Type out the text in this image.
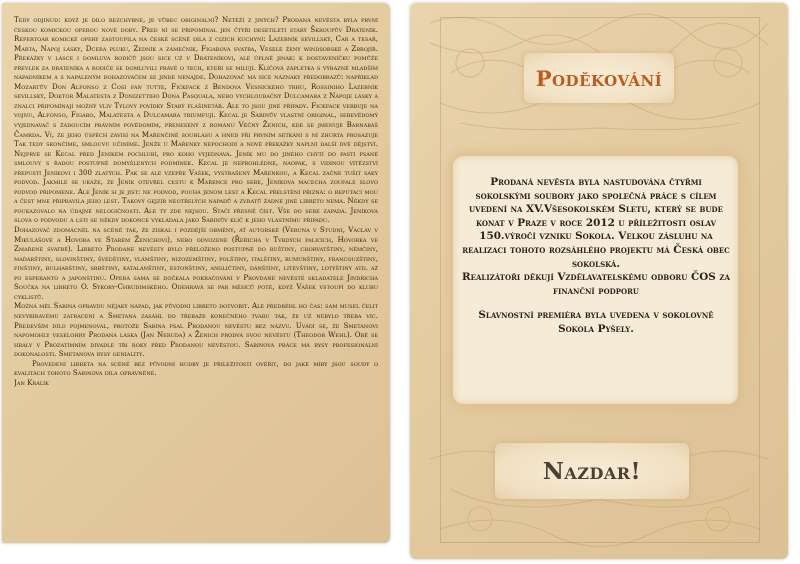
Tedy odjinud: když je dílo bezchybné, je vůbec originální? Netěží z jiných? Prodaná nevěsta byla první českou komickou operou nové doby. Před ní se připomínal jen čtyři desetiletí starý Škroupův Dráteník. Repertoár komické opery zastoupila na české scéně díla z cizích kuchyní: Lazebník sevillský, Car a tesař, Marta, Nápoj lásky, Dcera pluku, Zedník a zámečník, Figarova svatba, Veselé ženy windsorské a Zbrojíř. Překážky v lásce i domluva rodičů jsou sice už v Dráteníkovi, ale úplně jinak: k dostaveníčku pomůže převlek za dráteníka a rodiče se domluvili právě o tech, kteří se milují. Klíčová zápletka s výrazně mladším nápadníkem a s napáleným dohazovačem se jinde nenajde. Dohazovač má sice náznaky předobrazů: například Mozartův Don Alfonso z Così fan tutte, Fickfack z Bendova Vesnického trhu, Rossiniho Lazebník sevillský, Doktor Malatesta z Donizettiho Dona Pasquala, nebo vychloubačný Dulcamara z Nápoje lásky a znalci připomínají možný vliv Tylovy povídky Starý flašinetář. Ale to jsou jiné případy. Fickfack verbuje na vojnu, Alfonso, Figaro, Malatesta a Dulcamara triumfují. Kecal je Sabinův vlastní originál, sebevědomý vyjednavač s žádoucím právním povědomím, přenesený z románu Věčný Ženich, kde se jmenuje Barnabáš Čamrda. Ví, že jeho úspěch závisí na Mařenčině souhlasu a hned při prvním setkání s ní zhurta prosazuje Tak tedy skončíme, smlouvu učiníme. Jenže u Mařenky nepochodí a nové překážky naplní další dvě dějství. Nejprve se Kecal před Jeníkem pochlubí, pro koho vyjednává. Jeník mu do jiného chytí do pasti psané smlouvy s řadou postupně domyšlených podmínek. Kecal je neprohlédne, naopak, s vidinou vítězství přepustí Jeníkovi i 300 zlatých. Pak se ale vzepře Vašek, vystrašený Mařenkou, a Kecal začne tušit sáky podvod. Jakmile se ukáže, že Jeník otevřel cestu k Mařence pro sebe, Jeníkova macecha zoufale slovo podvod připomene. Ale Jeník si je jist: ne podvod, pouhá jenom lest a Kecal přelstění přizná: o reputaci mou a čest mne připravila jeho lest. Takový gejzír neotřelých nápadů a zvratů žádné jiné libreto nemá. Někdy se poukazovalo na údajné nelogičnosti. Ale ty zde nejsou. Stačí přesně číst. Vše do sebe zapadá. Jeníkova slova o podvodu a lsti se někdy dokonce vykládala jako Sabinův klíč k jeho vlastnímu případu.

Dohazovač zdomácněl na scéně tak, že získal i pozdější obměny, ať autorské (Veruna v Studni, Václav v Mikulášově a Hovora ve Starém Ženichovi), nebo odvozené (Řeřicha v Tvrdých palicích, Hovorka ve Zmařené svatbě). Libreto Prodané nevěsty bylo přeloženo postupně do ruštiny, chorvatštiny, němčiny, maďarštiny, slovinštiny, švédštiny, vlámštiny, nizozemštiny, polštiny, italštiny, rumunštiny, francouzštiny, finštiny, bulharštiny, srbštiny, katalánštiny, estonštiny, angličtiny, dánštiny, litevštiny, lotyštiny atd. až po esperanto a japonštinu. Opera sama se dočkala pokračování v Provdané nevěstě skladatele Jindřicha Součka na libreto O. Sýkory-Chrudimského. Odehrává se pár měsíců poté, když Vašek vstoupí do klubu cyklistů.

Možná měl Sabina opravdu nějaký nápad, jak původní libreto dotvořit. Ale předběhl ho čas: sám musel čelit nevybíravému zatracení a Smetana zasáhl do třebaže konečného tvaru tak, že už nebylo třeba víc. Především dílo pojmenoval, protože Sabina psal Prodanou nevěstu bez názvu. Uvádí se, že Smetanovi napomohly veselohry Prodaná láska (Jan Neruda) a Ženich prodvá svou nevěstu (Theodor Wehl). Obě se hrály v Prozatímním divadle tři roky před Prodanou nevěstou. Sabinova práce má rysy profesionální dokonalosti. Smetanova rysy geniality.

Provedení libreta na scéně bez původní hudby je příležitostí ověřit, do jaké míry jsou soudy o kvalitách tohoto Sabinova díla oprávněné.

Jan Králík

Poděkování

Prodaná nevěsta byla nastudována čtyřmi sokolskými soubory jako společná práce s cílem uvedení na XV.Všesokolském Sletu, který se bude konat v Praze v roce 2012 u příležitosti oslav 150.výročí vzniku Sokola. Velkou zásluhu na realizaci tohoto rozsáhlého projektu má Česká obec sokolská.

Realizátoři děkují Vzdělavatelskému odboru ČOS za finanční podporu

Slavnostní premiéra byla uvedena v sokolovně Sokola Pyšely.

Nazdar!
